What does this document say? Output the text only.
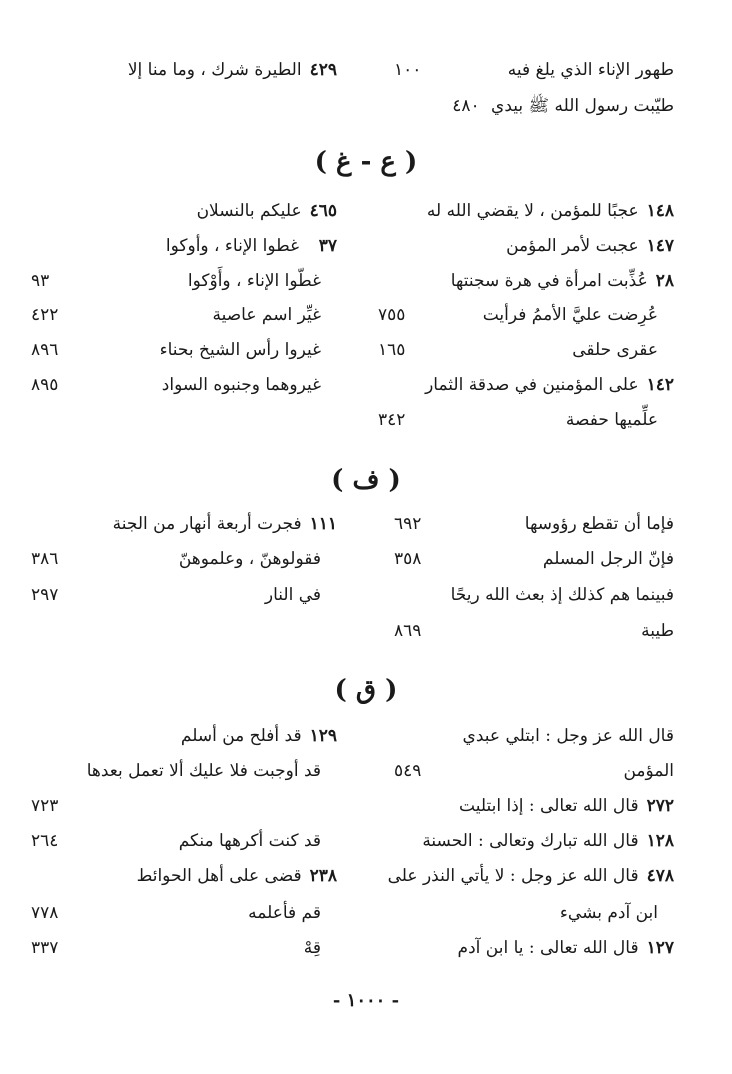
طهور الإناء الذي يلغ فيه
١٠٠
طيّبت رسول الله ﷺ بيدي ٤٨٠
( ع - غ )
١٤٨عجبًا للمؤمن ، لا يقضي الله له
١٤٧عجبت لأمر المؤمن
٢٨عُذِّبت امرأة في هرة سجنتها
عُرِضت عليَّ الأممُ فرأيت
٧٥٥
عقرى حلقى
١٦٥
١٤٢على المؤمنين في صدقة الثمار
علِّميها حفصة
٣٤٢
( ف )
فإما أن تقطع رؤوسها
٦٩٢
فإنّ الرجل المسلم
٣٥٨
فبينما هم كذلك إذ بعث الله ريحًا
طيبة
٨٦٩
( ق )
قال الله عز وجل : ابتلي عبدي
المؤمن
٥٤٩
٢٧٢قال الله تعالى : إذا ابتليت
١٢٨قال الله تبارك وتعالى : الحسنة
٤٧٨قال الله عز وجل : لا يأتي النذر على
ابن آدم بشيء
١٢٧قال الله تعالى : يا ابن آدم
٤٢٩الطيرة شرك ، وما منا إلا
٤٦٥عليكم بالنسلان
٣٧غطوا الإناء ، وأوكوا
غطّوا الإناء ، وأَوْكوا
٩٣
غيِّر اسم عاصية
٤٢٢
غيروا رأس الشيخ بحناء
٨٩٦
غيروهما وجنبوه السواد
٨٩٥
١١١فجرت أربعة أنهار من الجنة
فقولوهنّ ، وعلموهنّ
٣٨٦
في النار
٢٩٧
١٢٩قد أفلح من أسلم
قد أوجبت فلا عليك ألا تعمل بعدها
٧٢٣
قد كنت أكرهها منكم
٢٦٤
٢٣٨قضى على أهل الحوائط
قم فأعلمه
٧٧٨
قِهْ
٣٣٧
- ١٠٠٠ -
